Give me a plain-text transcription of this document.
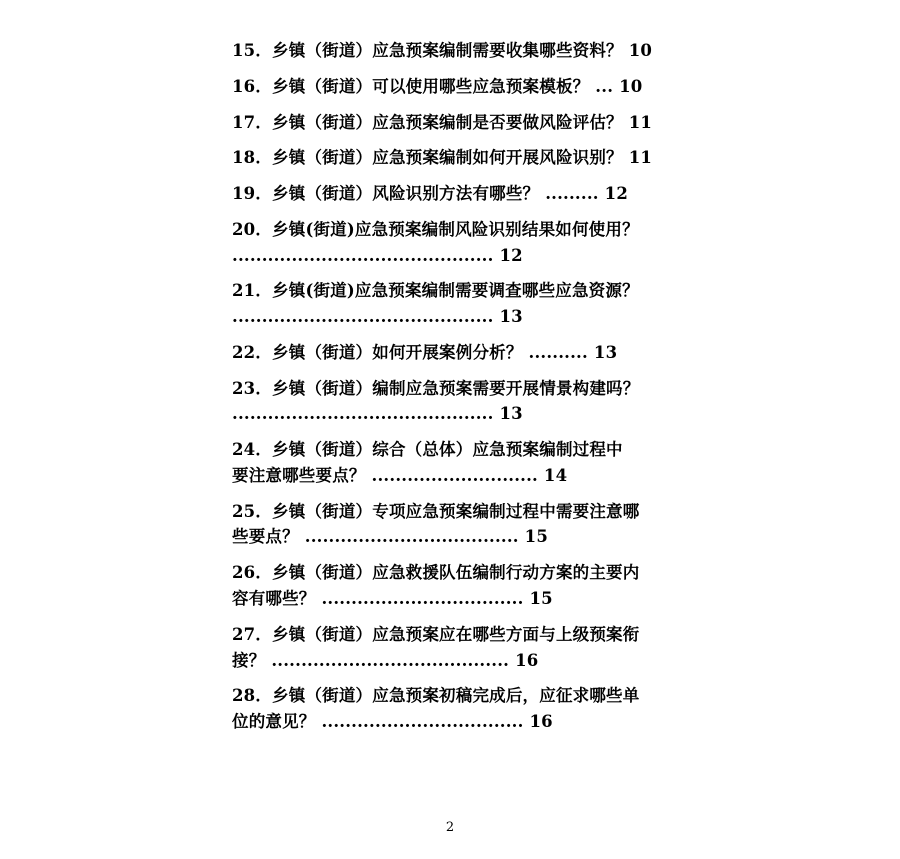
15．乡镇（街道）应急预案编制需要收集哪些资料？ 10
16．乡镇（街道）可以使用哪些应急预案模板？ ... 10
17．乡镇（街道）应急预案编制是否要做风险评估？ 11
18．乡镇（街道）应急预案编制如何开展风险识别？ 11
19．乡镇（街道）风险识别方法有哪些？ ......... 12
20．乡镇(街道)应急预案编制风险识别结果如何使用？
............................................ 12
21．乡镇(街道)应急预案编制需要调查哪些应急资源？
............................................ 13
22．乡镇（街道）如何开展案例分析？ .......... 13
23．乡镇（街道）编制应急预案需要开展情景构建吗？
............................................ 13
24．乡镇（街道）综合（总体）应急预案编制过程中
要注意哪些要点？ ............................ 14
25．乡镇（街道）专项应急预案编制过程中需要注意哪
些要点？ .................................... 15
26．乡镇（街道）应急救援队伍编制行动方案的主要内
容有哪些？ .................................. 15
27．乡镇（街道）应急预案应在哪些方面与上级预案衔
接？ ........................................ 16
28．乡镇（街道）应急预案初稿完成后，应征求哪些单
位的意见？ .................................. 16
2
